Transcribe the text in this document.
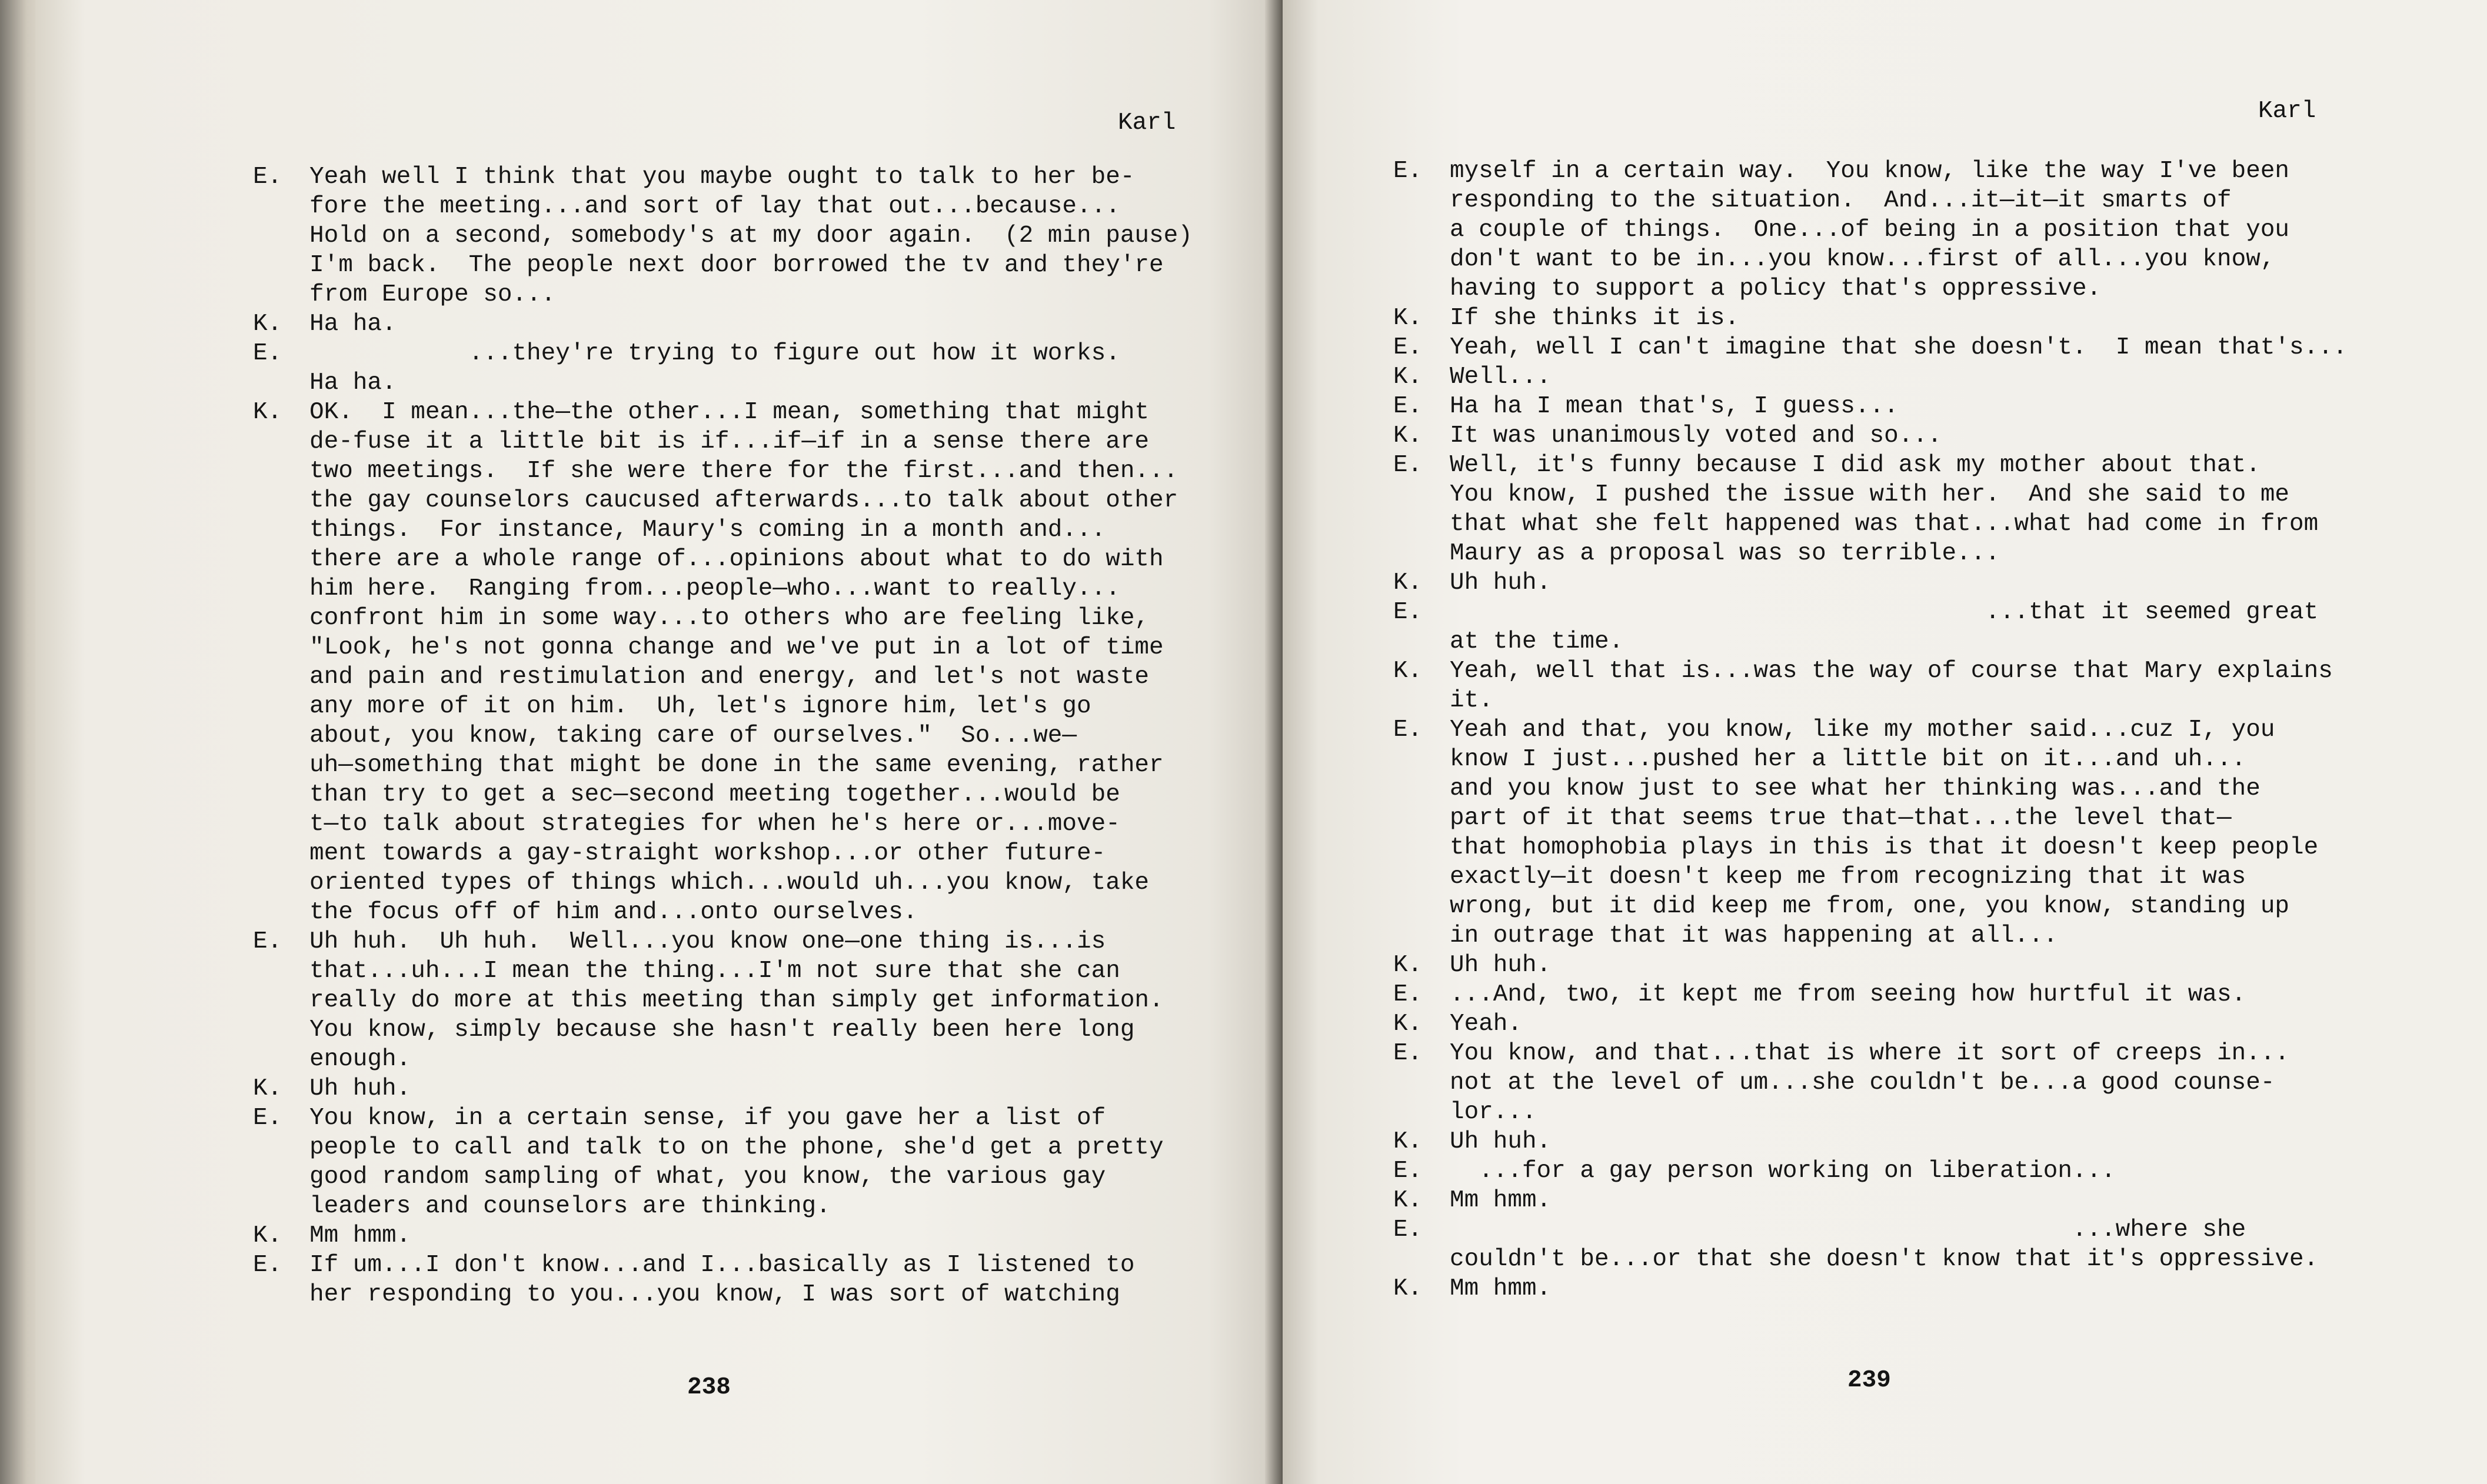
Karl
E.	Yeah well I think that you maybe ought to talk to her be-
fore the meeting...and sort of lay that out...because...
Hold on a second, somebody's at my door again.  (2 min pause)
I'm back.  The people next door borrowed the tv and they're
from Europe so...
K.	Ha ha.
E.	...they're trying to figure out how it works.
Ha ha.
K.	OK.  I mean...the—the other...I mean, something that might
de-fuse it a little bit is if...if—if in a sense there are
two meetings.  If she were there for the first...and then...
the gay counselors caucused afterwards...to talk about other
things.  For instance, Maury's coming in a month and...
there are a whole range of...opinions about what to do with
him here.  Ranging from...people—who...want to really...
confront him in some way...to others who are feeling like,
"Look, he's not gonna change and we've put in a lot of time
and pain and restimulation and energy, and let's not waste
any more of it on him.  Uh, let's ignore him, let's go
about, you know, taking care of ourselves."  So...we—
uh—something that might be done in the same evening, rather
than try to get a sec—second meeting together...would be
t—to talk about strategies for when he's here or...move-
ment towards a gay-straight workshop...or other future-
oriented types of things which...would uh...you know, take
the focus off of him and...onto ourselves.
E.	Uh huh.  Uh huh.  Well...you know one—one thing is...is
that...uh...I mean the thing...I'm not sure that she can
really do more at this meeting than simply get information.
You know, simply because she hasn't really been here long
enough.
K.	Uh huh.
E.	You know, in a certain sense, if you gave her a list of
people to call and talk to on the phone, she'd get a pretty
good random sampling of what, you know, the various gay
leaders and counselors are thinking.
K.	Mm hmm.
E.	If um...I don't know...and I...basically as I listened to
her responding to you...you know, I was sort of watching
238
Karl
E.	myself in a certain way.  You know, like the way I've been
responding to the situation.  And...it—it—it smarts of
a couple of things.  One...of being in a position that you
don't want to be in...you know...first of all...you know,
having to support a policy that's oppressive.
K.	If she thinks it is.
E.	Yeah, well I can't imagine that she doesn't.  I mean that's...
K.	Well...
E.	Ha ha I mean that's, I guess...
K.	It was unanimously voted and so...
E.	Well, it's funny because I did ask my mother about that.
You know, I pushed the issue with her.  And she said to me
that what she felt happened was that...what had come in from
Maury as a proposal was so terrible...
K.	Uh huh.
E.	...that it seemed great
at the time.
K.	Yeah, well that is...was the way of course that Mary explains
it.
E.	Yeah and that, you know, like my mother said...cuz I, you
know I just...pushed her a little bit on it...and uh...
and you know just to see what her thinking was...and the
part of it that seems true that—that...the level that—
that homophobia plays in this is that it doesn't keep people
exactly—it doesn't keep me from recognizing that it was
wrong, but it did keep me from, one, you know, standing up
in outrage that it was happening at all...
K.	Uh huh.
E.	...And, two, it kept me from seeing how hurtful it was.
K.	Yeah.
E.	You know, and that...that is where it sort of creeps in...
not at the level of um...she couldn't be...a good counse-
lor...
K.	Uh huh.
E.	...for a gay person working on liberation...
K.	Mm hmm.
E.	...where she
couldn't be...or that she doesn't know that it's oppressive.
K.	Mm hmm.
239
